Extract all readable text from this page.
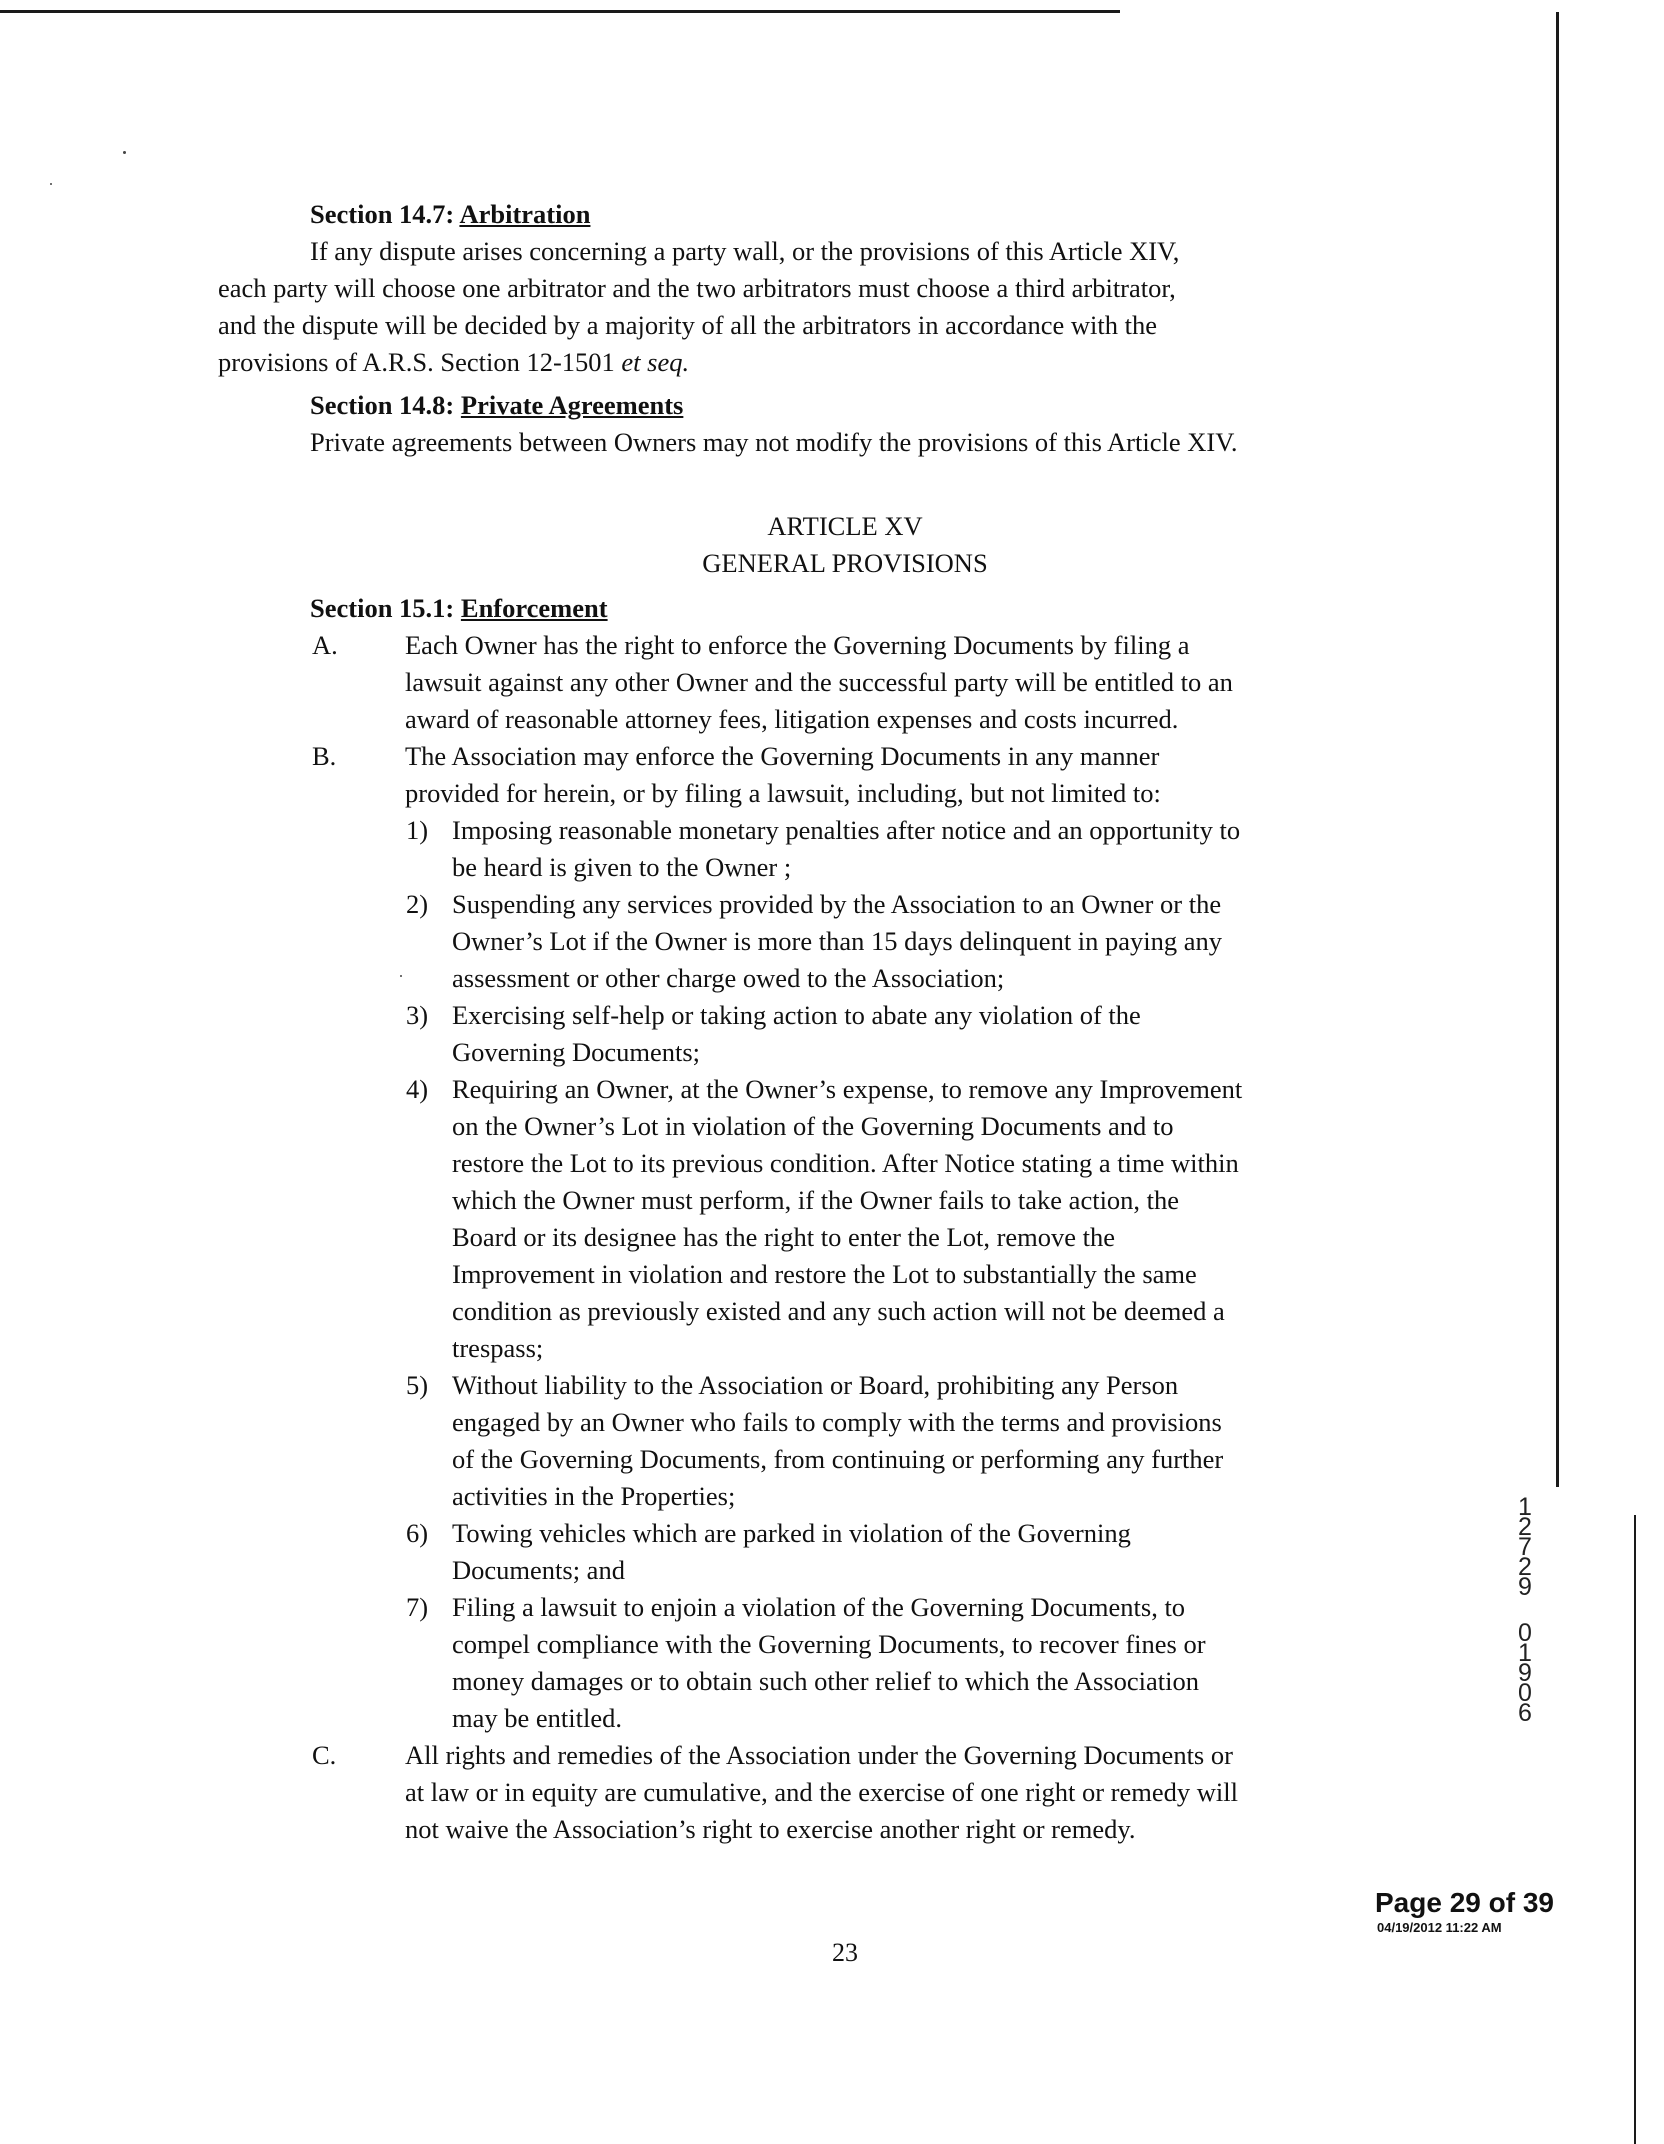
Section 14.7: Arbitration
If any dispute arises concerning a party wall, or the provisions of this Article XIV,
each party will choose one arbitrator and the two arbitrators must choose a third arbitrator,
and the dispute will be decided by a majority of all the arbitrators in accordance with the
provisions of A.R.S. Section 12-1501 et seq.
Section 14.8: Private Agreements
Private agreements between Owners may not modify the provisions of this Article XIV.
ARTICLE XV
GENERAL PROVISIONS
Section 15.1: Enforcement
A.	Each Owner has the right to enforce the Governing Documents by filing a
lawsuit against any other Owner and the successful party will be entitled to an
award of reasonable attorney fees, litigation expenses and costs incurred.
B.	The Association may enforce the Governing Documents in any manner
provided for herein, or by filing a lawsuit, including, but not limited to:
1) Imposing reasonable monetary penalties after notice and an opportunity to
be heard is given to the Owner ;
2) Suspending any services provided by the Association to an Owner or the
Owner’s Lot if the Owner is more than 15 days delinquent in paying any
assessment or other charge owed to the Association;
3) Exercising self-help or taking action to abate any violation of the
Governing Documents;
4) Requiring an Owner, at the Owner’s expense, to remove any Improvement
on the Owner’s Lot in violation of the Governing Documents and to
restore the Lot to its previous condition. After Notice stating a time within
which the Owner must perform, if the Owner fails to take action, the
Board or its designee has the right to enter the Lot, remove the
Improvement in violation and restore the Lot to substantially the same
condition as previously existed and any such action will not be deemed a
trespass;
5) Without liability to the Association or Board, prohibiting any Person
engaged by an Owner who fails to comply with the terms and provisions
of the Governing Documents, from continuing or performing any further
activities in the Properties;
6) Towing vehicles which are parked in violation of the Governing
Documents; and
7) Filing a lawsuit to enjoin a violation of the Governing Documents, to
compel compliance with the Governing Documents, to recover fines or
money damages or to obtain such other relief to which the Association
may be entitled.
C.	All rights and remedies of the Association under the Governing Documents or
at law or in equity are cumulative, and the exercise of one right or remedy will
not waive the Association’s right to exercise another right or remedy.
1
2
7
2
9
0
1
9
0
6
Page 29 of 39
04/19/2012 11:22 AM
23
